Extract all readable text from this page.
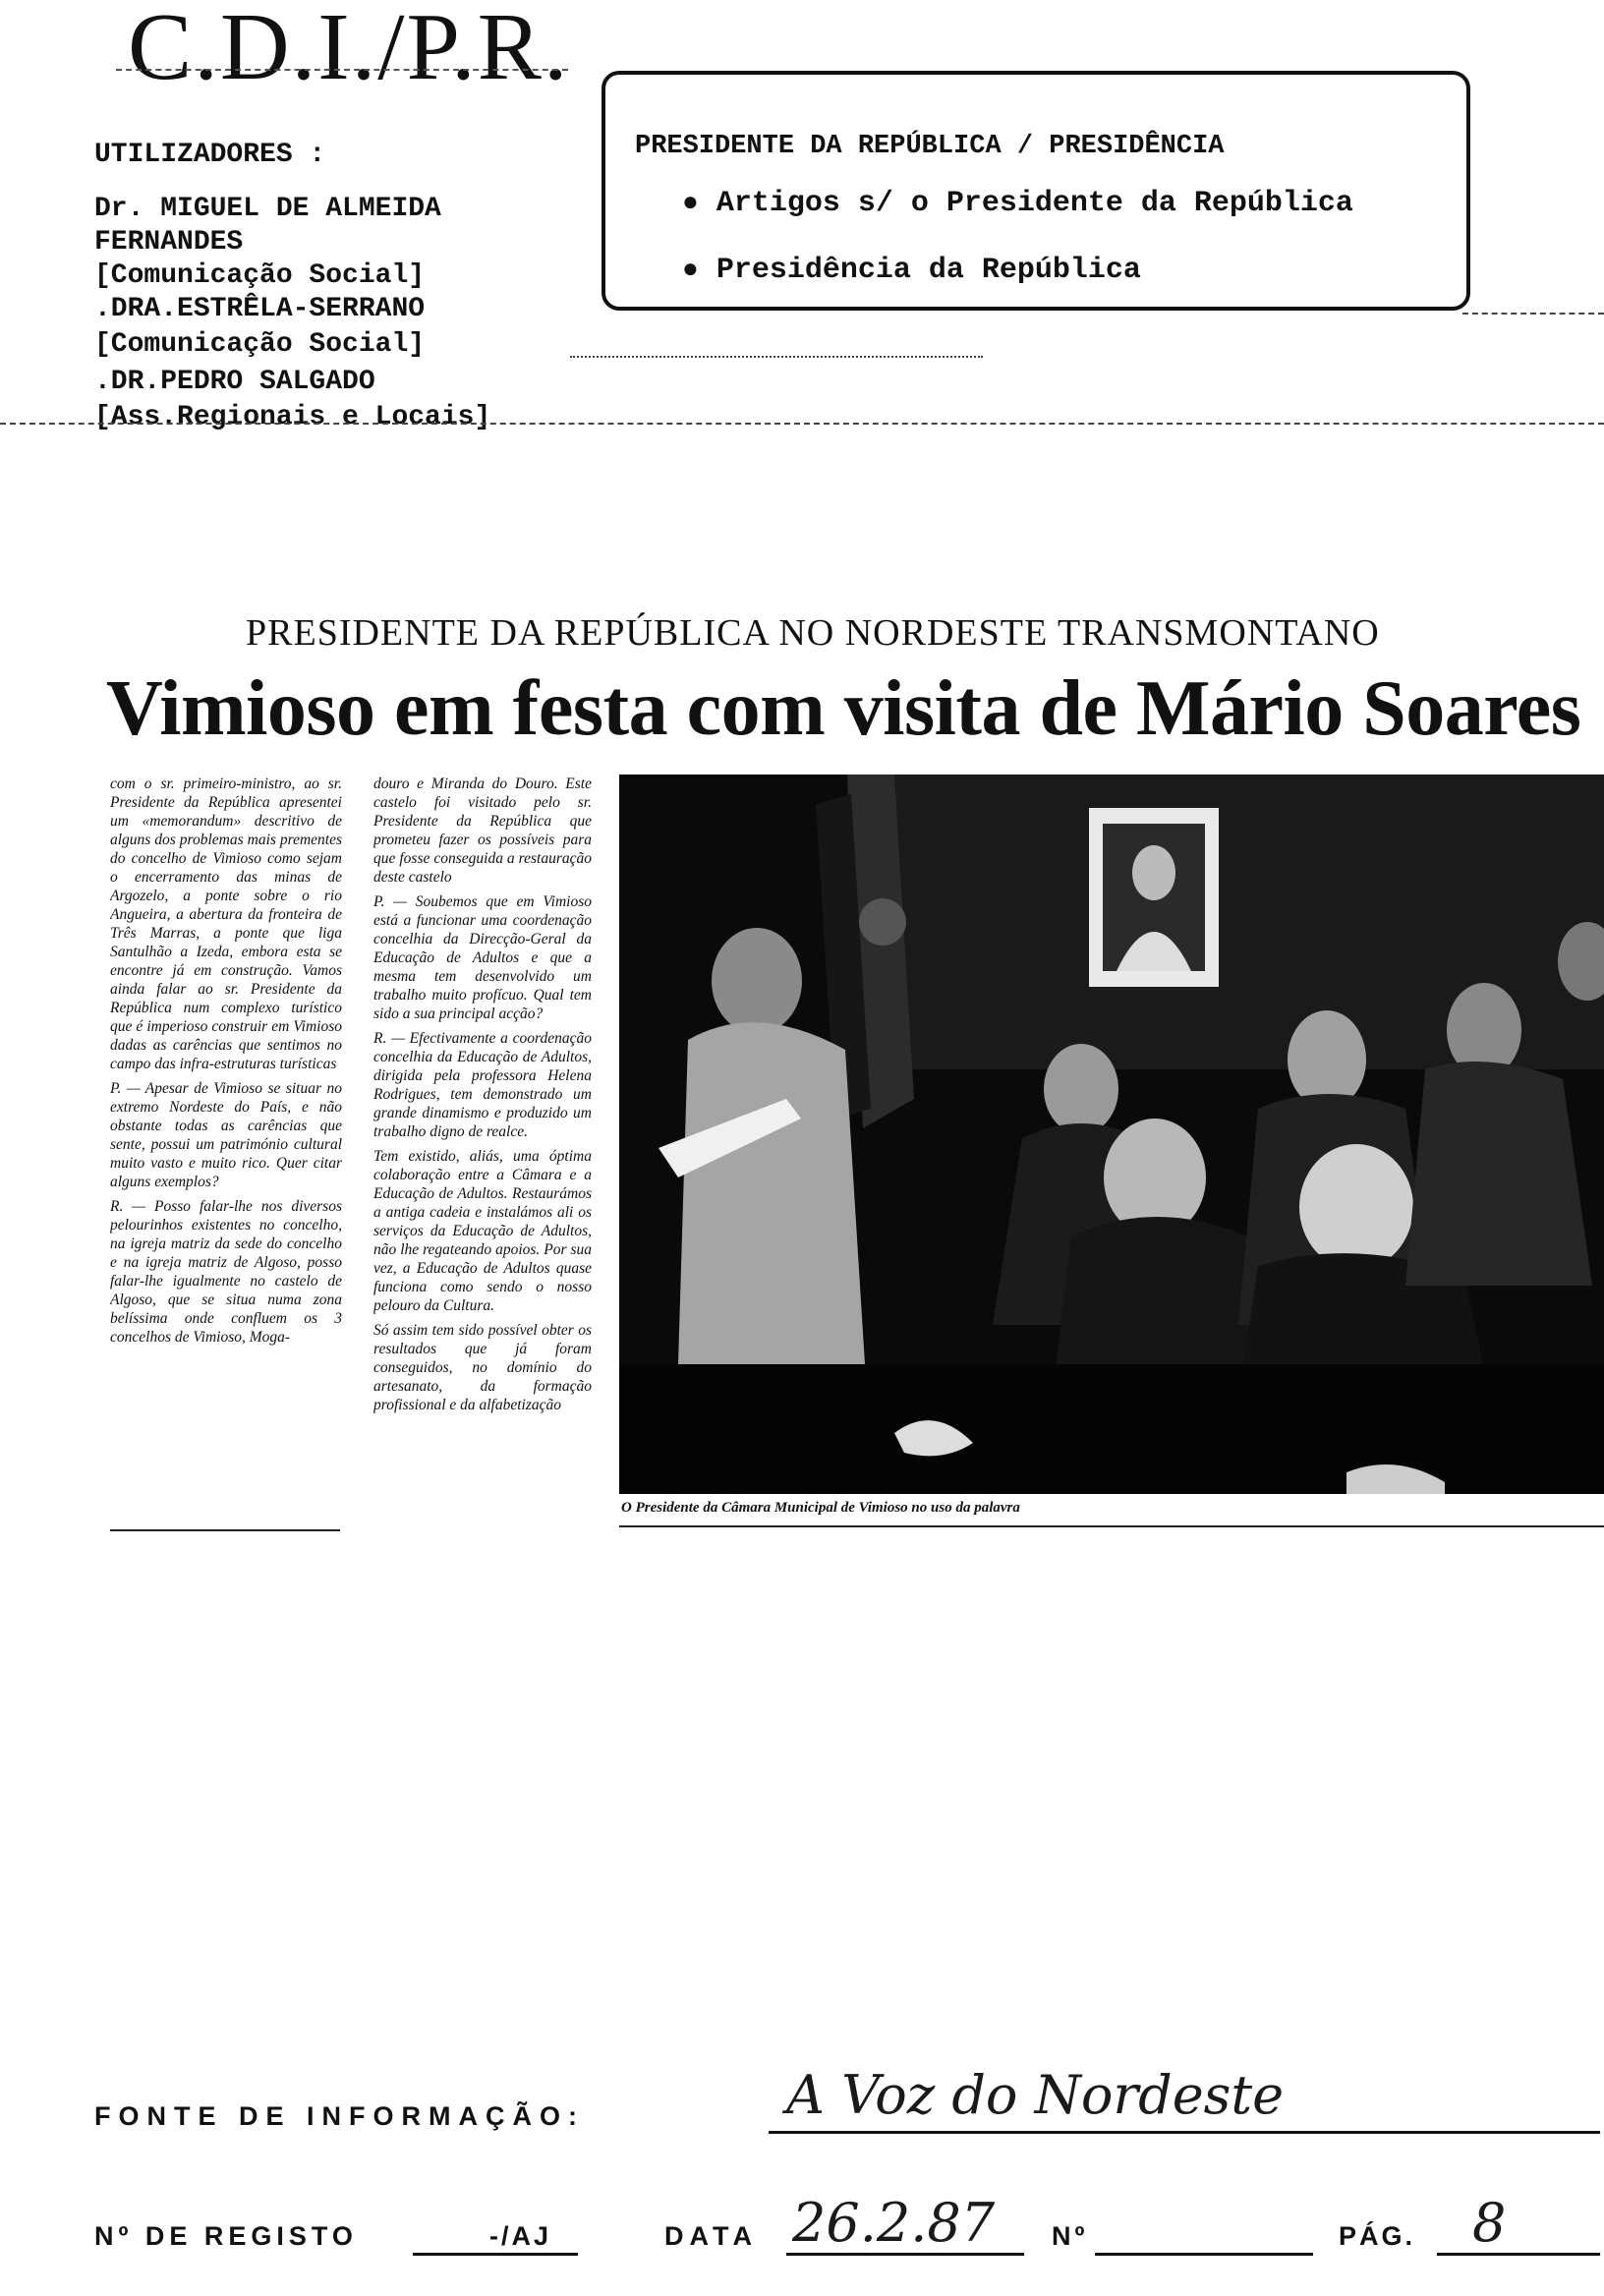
C.D.I./P.R.
UTILIZADORES :
Dr. MIGUEL DE ALMEIDA
FERNANDES
[Comunicação Social]
.DRA.ESTRÊLA-SERRANO
[Comunicação Social]
.DR.PEDRO SALGADO
[Ass.Regionais e Locais]
PRESIDENTE DA REPÚBLICA / PRESIDÊNCIA
● Artigos s/ o Presidente da República
● Presidência da República
PRESIDENTE DA REPÚBLICA NO NORDESTE TRANSMONTANO
Vimioso em festa com visita de Mário Soares

com o sr. primeiro-ministro, ao sr. Presidente da República apresentei um «memorandum» descritivo de alguns dos problemas mais prementes do concelho de Vimioso como sejam o encerramento das minas de Argozelo, a ponte sobre o rio Angueira, a abertura da fronteira de Três Marras, a ponte que liga Santulhão a Izeda, embora esta se encontre já em construção. Vamos ainda falar ao sr. Presidente da República num complexo turístico que é imperioso construir em Vimioso dadas as carências que sentimos no campo das infra-estruturas turísticas

P. — Apesar de Vimioso se situar no extremo Nordeste do País, e não obstante todas as carências que sente, possui um património cultural muito vasto e muito rico. Quer citar alguns exemplos?

R. — Posso falar-lhe nos diversos pelourinhos existentes no concelho, na igreja matriz da sede do concelho e na igreja matriz de Algoso, posso falar-lhe igualmente no castelo de Algoso, que se situa numa zona belíssima onde confluem os 3 concelhos de Vimioso, Moga-

douro e Miranda do Douro. Este castelo foi visitado pelo sr. Presidente da República que prometeu fazer os possíveis para que fosse conseguida a restauração deste castelo

P. — Soubemos que em Vimioso está a funcionar uma coordenação concelhia da Direcção-Geral da Educação de Adultos e que a mesma tem desenvolvido um trabalho muito profícuo. Qual tem sido a sua principal acção?

R. — Efectivamente a coordenação concelhia da Educação de Adultos, dirigida pela professora Helena Rodrigues, tem demonstrado um grande dinamismo e produzido um trabalho digno de realce.

Tem existido, aliás, uma óptima colaboração entre a Câmara e a Educação de Adultos. Restaurámos a antiga cadeia e instalámos ali os serviços da Educação de Adultos, não lhe regateando apoios. Por sua vez, a Educação de Adultos quase funciona como sendo o nosso pelouro da Cultura.

Só assim tem sido possível obter os resultados que já foram conseguidos, no domínio do artesanato, da formação profissional e da alfabetização

O Presidente da Câmara Municipal de Vimioso no uso da palavra
FONTE DE INFORMAÇÃO:	A Voz do Nordeste
Nº DE REGISTO	-/AJ	DATA 26.2.87 Nº	PÁG. 8
